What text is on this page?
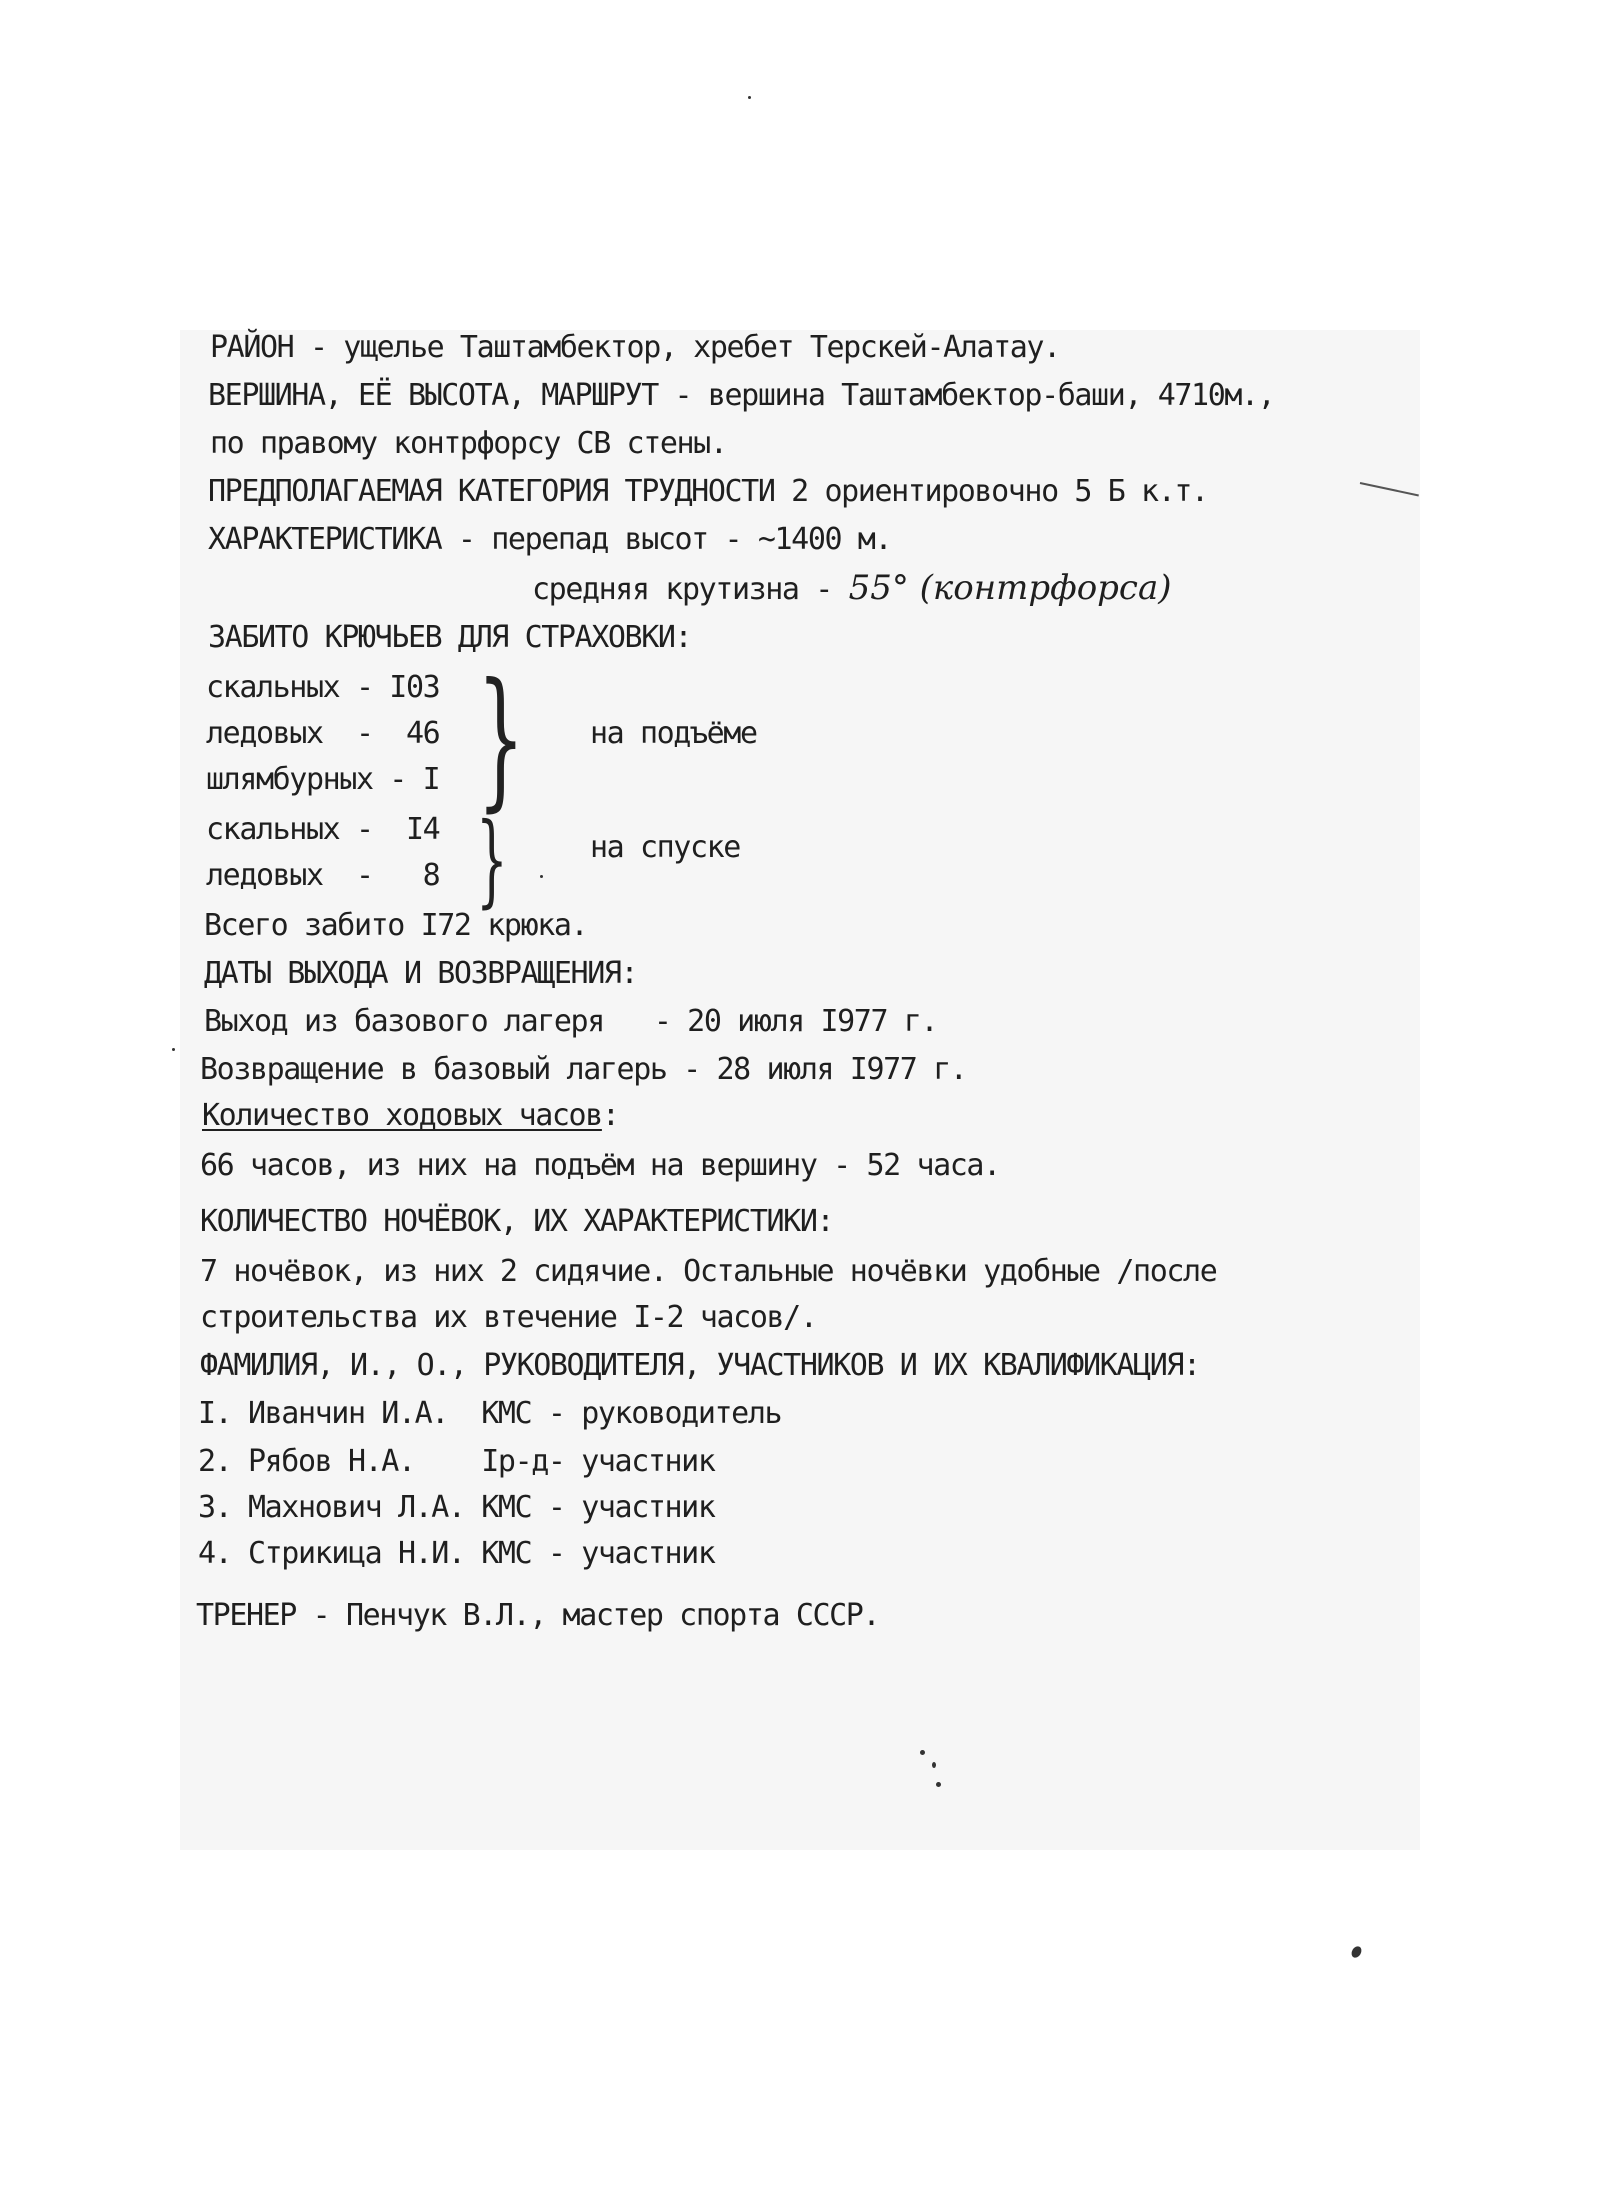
РАЙОН - ущелье Таштамбектор, хребет Терскей-Алатау.
ВЕРШИНА, ЕЁ ВЫСОТА, МАРШРУТ - вершина Таштамбектор-баши, 4710м.,
по правому контрфорсу СВ стены.
ПРЕДПОЛАГАЕМАЯ КАТЕГОРИЯ ТРУДНОСТИ 2 ориентировочно 5 Б к.т.
ХАРАКТЕРИСТИКА - перепад высот - ~1400 м.
средняя крутизна - 55° (контрфорса)
ЗАБИТО КРЮЧЬЕВ ДЛЯ СТРАХОВКИ:
скальных - I03
ледовых  -  46
шлямбурных - I } на подъёме
скальных -  I4
ледовых  -   8 }	на спуске
Всего забито I72 крюка.
ДАТЫ ВЫХОДА И ВОЗВРАЩЕНИЯ:
Выход из базового лагеря   - 20 июля I977 г.
Возвращение в базовый лагерь - 28 июля I977 г.
Количество ходовых часов:
66 часов, из них на подъём на вершину - 52 часа.
КОЛИЧЕСТВО НОЧЁВОК, ИХ ХАРАКТЕРИСТИКИ:
7 ночёвок, из них 2 сидячие. Остальные ночёвки удобные /после
строительства их втечение I-2 часов/.
ФАМИЛИЯ, И., О., РУКОВОДИТЕЛЯ, УЧАСТНИКОВ И ИХ КВАЛИФИКАЦИЯ:
I. Иванчин И.А.  КМС - руководитель
2. Рябов Н.А.    Iр-д- участник
3. Махнович Л.А. КМС - участник
4. Стрикица Н.И. КМС - участник
ТРЕНЕР - Пенчук В.Л., мастер спорта СССР.
